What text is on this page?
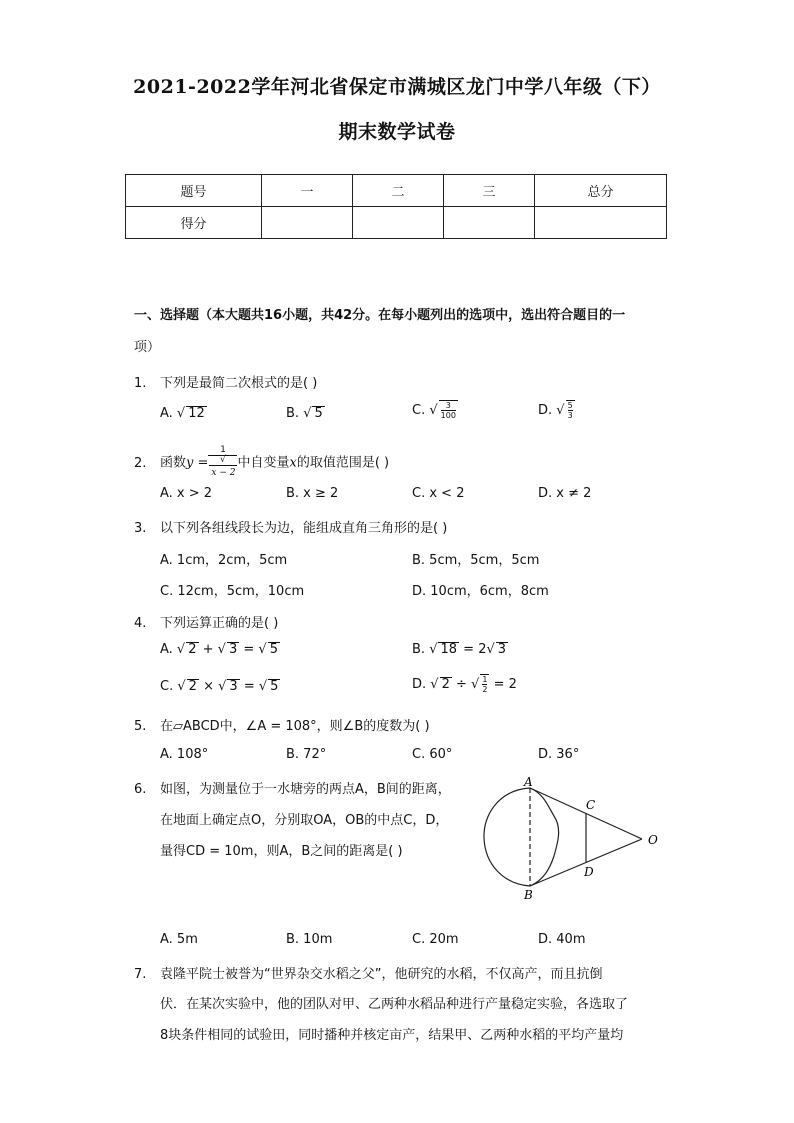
2021-2022学年河北省保定市满城区龙门中学八年级（下）
期末数学试卷
题号	一	二	三	总分
得分				
一、选择题（本大题共16小题，共42分。在每小题列出的选项中，选出符合题目的一
项）
1. 下列是最简二次根式的是( )
A. √ 12	B. √ 5	C. √ $\frac{3}{100}$	D. √ $\frac{5}{3}$
2. 函数y = 1
√
x − 2 中自变量x的取值范围是( )
A. x > 2	B. x ≥ 2	C. x < 2	D. x ≠ 2
3. 以下列各组线段长为边，能组成直角三角形的是( )
A. 1cm，2cm，5cm	B. 5cm，5cm，5cm
C. 12cm，5cm，10cm	D. 10cm，6cm，8cm
4. 下列运算正确的是( )
A. √ 2 + √ 3 = √ 5	B. √ 18 = 2√ 3
C. √ 2 × √ 3 = √ 5	D. √ 2 ÷ √ $\frac{1}{2} = 2$
5. 在▱ABCD中，∠A = 108°，则∠B的度数为( )
A. 108°	B. 72°	C. 60°	D. 36°
6. 如图，为测量位于一水塘旁的两点A，B间的距离，
在地面上确定点O，分别取OA，OB的中点C，D，
量得CD = 10m，则A，B之间的距离是( )
A
B
C
D
O
A. 5m	B. 10m	C. 20m	D. 40m
7. 袁隆平院士被誉为“世界杂交水稻之父”，他研究的水稻，不仅高产，而且抗倒
伏．在某次实验中，他的团队对甲、乙两种水稻品种进行产量稳定实验，各选取了
8块条件相同的试验田，同时播种并核定亩产，结果甲、乙两种水稻的平均产量均
